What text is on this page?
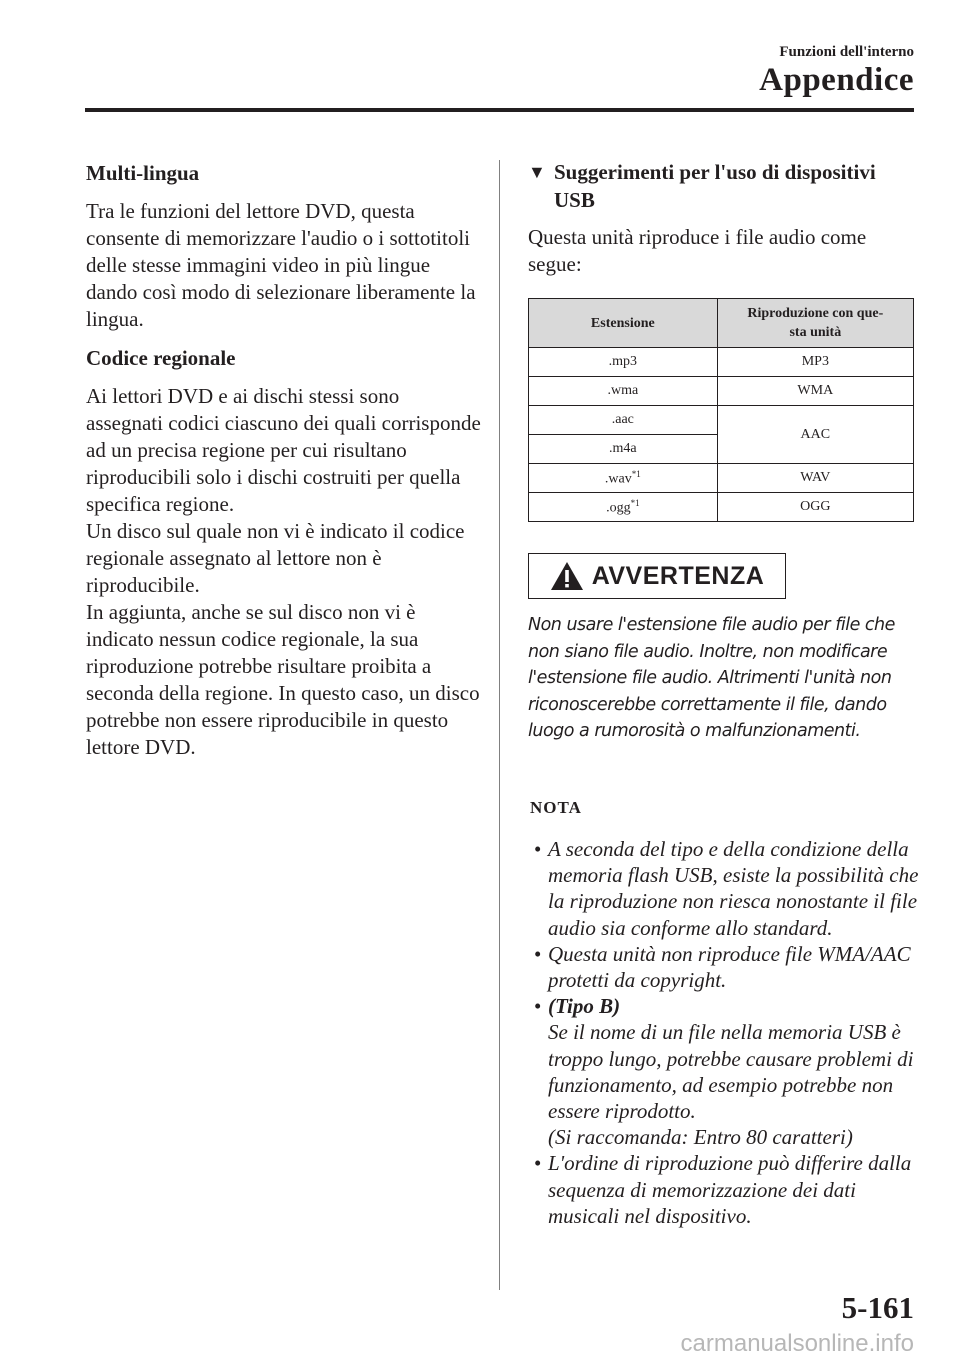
Funzioni dell'interno
Appendice
Multi-lingua

Tra le funzioni del lettore DVD, questa consente di memorizzare l'audio o i sottotitoli delle stesse immagini video in più lingue dando così modo di selezionare liberamente la lingua.

Codice regionale

Ai lettori DVD e ai dischi stessi sono assegnati codici ciascuno dei quali corrisponde ad un precisa regione per cui risultano riproducibili solo i dischi costruiti per quella specifica regione.

Un disco sul quale non vi è indicato il codice regionale assegnato al lettore non è riproducibile.

In aggiunta, anche se sul disco non vi è indicato nessun codice regionale, la sua riproduzione potrebbe risultare proibita a seconda della regione. In questo caso, un disco potrebbe non essere riproducibile in questo lettore DVD.

▼ Suggerimenti per l'uso di dispositivi USB

Questa unità riproduce i file audio come segue:

Estensione	Riproduzione con que-
sta unità
.mp3	MP3
.wma	WMA
.aac	AAC
.m4a	
.wav$^{*1}$	WAV
.ogg$^{*1}$	OGG
AVVERTENZA
Non usare l'estensione file audio per file che non siano file audio. Inoltre, non modificare l'estensione file audio. Altrimenti l'unità non riconoscerebbe correttamente il file, dando luogo a rumorosità o malfunzionamenti.
NOTA
• A seconda del tipo e della condizione della memoria flash USB, esiste la possibilità che la riproduzione non riesca nonostante il file audio sia conforme allo standard.
• Questa unità non riproduce file WMA/AAC protetti da copyright.
• (Tipo B)
Se il nome di un file nella memoria USB è troppo lungo, potrebbe causare problemi di funzionamento, ad esempio potrebbe non essere riprodotto.
(Si raccomanda: Entro 80 caratteri)
• L'ordine di riproduzione può differire dalla sequenza di memorizzazione dei dati musicali nel dispositivo.
5-161
carmanualsonline.info
